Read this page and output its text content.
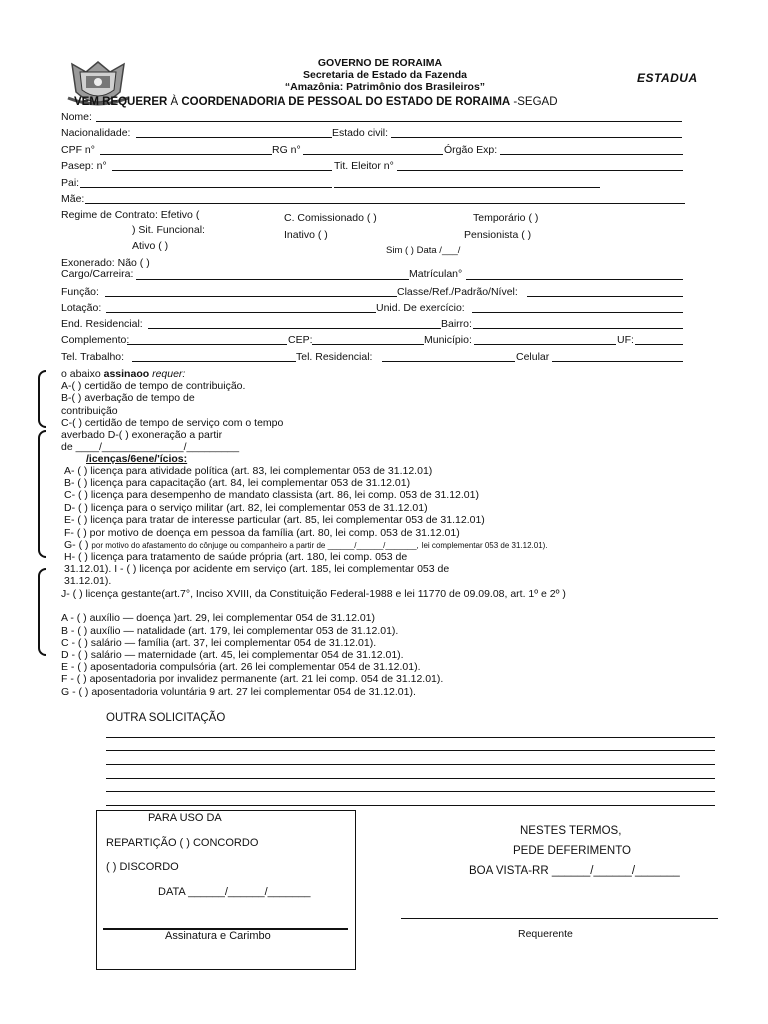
GOVERNO DE RORAIMA
Secretaria de Estado da Fazenda
“Amazônia: Patrimônio dos Brasileiros”
ESTADUA
VEM REQUERER À COORDENADORIA DE PESSOAL DO ESTADO DE RORAIMA -SEGAD
Nome:
Nacionalidade:	Estado civil:
CPF n°	RG n°	Órgão Exp:
Pasep: n°	Tit. Eleitor n°
Pai:
Mãe:
Regime de Contrato: Efetivo (	C. Comissionado ( )	Temporário ( )
) Sit. Funcional:	Inativo ( )	Pensionista ( )
Ativo ( )	Sim ( ) Data /___/
Exonerado: Não ( )
Cargo/Carreira:	Matrículan°
Função:	Classe/Ref./Padrão/Nível:
Lotação:	Unid. De exercício:
End. Residencial:	Bairro:
Complemento:	CEP:	Município:	UF:
Tel. Trabalho:	Tel. Residencial:	Celular
o abaixo assinaoo requer:
A-( ) certidão de tempo de contribuição.
B-( ) averbação de tempo de
contribuição
C-( ) certidão de tempo de serviço com o tempo
averbado D-( ) exoneração a partir
de ____/______________/_________
/icenças/6ene/'ícios:
A- ( ) licença para atividade política (art. 83, lei complementar 053 de 31.12.01)
B- ( ) licença para capacitação (art. 84, lei complementar 053 de 31.12.01)
C- ( ) licença para desempenho de mandato classista (art. 86, lei comp. 053 de 31.12.01)
D- ( ) licença para o serviço militar (art. 82, lei complementar 053 de 31.12.01)
E- ( ) licença para tratar de interesse particular (art. 85, lei complementar 053 de 31.12.01)
F- ( ) por motivo de doença em pessoa da família (art. 80, lei comp. 053 de 31.12.01)
G- ( ) por motivo do afastamento do cônjuge ou companheiro a partir de ______/______/_______, lei complementar 053 de 31.12.01).
H- ( ) licença para tratamento de saúde própria (art. 180, lei comp. 053 de
31.12.01). I - ( ) licença por acidente em serviço (art. 185, lei complementar 053 de
31.12.01).
J- ( ) licença gestante(art.7°, Inciso XVIII, da Constituição Federal-1988 e lei 11770 de 09.09.08, art. 1º e 2º )
A - ( ) auxílio — doença )art. 29, lei complementar 054 de 31.12.01)
B - ( ) auxílio — natalidade (art. 179, lei complementar 053 de 31.12.01).
C - ( ) salário — família (art. 37, lei complementar 054 de 31.12.01).
D - ( ) salário — maternidade (art. 45, lei complementar 054 de 31.12.01).
E - ( ) aposentadoria compulsória (art. 26 lei complementar 054 de 31.12.01).
F - ( ) aposentadoria por invalidez permanente (art. 21 lei comp. 054 de 31.12.01).
G - ( ) aposentadoria voluntária 9 art. 27 lei complementar 054 de 31.12.01).
OUTRA SOLICITAÇÃO
PARA USO DA
REPARTIÇÃO ( ) CONCORDO
( ) DISCORDO
DATA ______/______/_______
Assinatura e Carimbo
NESTES TERMOS,
PEDE DEFERIMENTO
BOA VISTA-RR ______/______/_______
Requerente
